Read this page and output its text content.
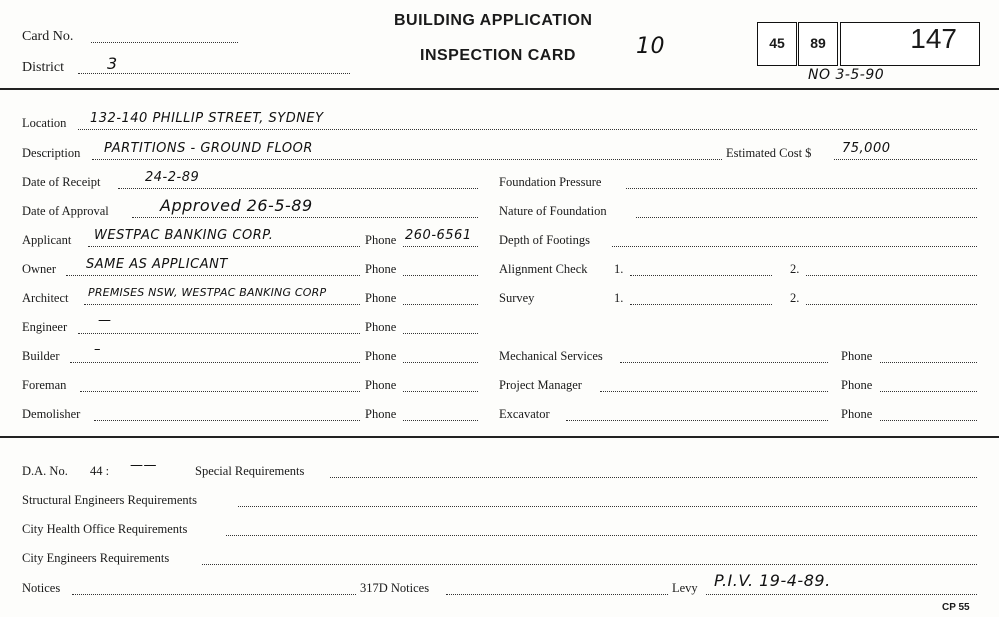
Card No.
District	3
BUILDING APPLICATION
INSPECTION CARD	10	45	89	147
NO 3-5-90
Location 132-140 PHILLIP STREET, SYDNEY
Description PARTITIONS - GROUND FLOOR	Estimated Cost $ 75,000
Date of Receipt	24-2-89	Foundation Pressure
Date of Approval	Approved 26-5-89	Nature of Foundation
Applicant WESTPAC BANKING CORP.	Phone 260-6561 Depth of Footings
Owner SAME AS APPLICANT	Phone	Alignment Check 1.	2.
Architect PREMISES NSW, WESTPAC BANKING CORP	Phone	Survey	1.	2.
Engineer —	Phone
Builder	–	Phone	Mechanical Services	Phone
Foreman	Phone	Project Manager	Phone
Demolisher	Phone	Excavator	Phone
D.A. No. 44 : ——	Special Requirements
Structural Engineers Requirements
City Health Office Requirements
City Engineers Requirements
Notices	317D Notices	Levy P.I.V. 19-4-89.
CP 55
